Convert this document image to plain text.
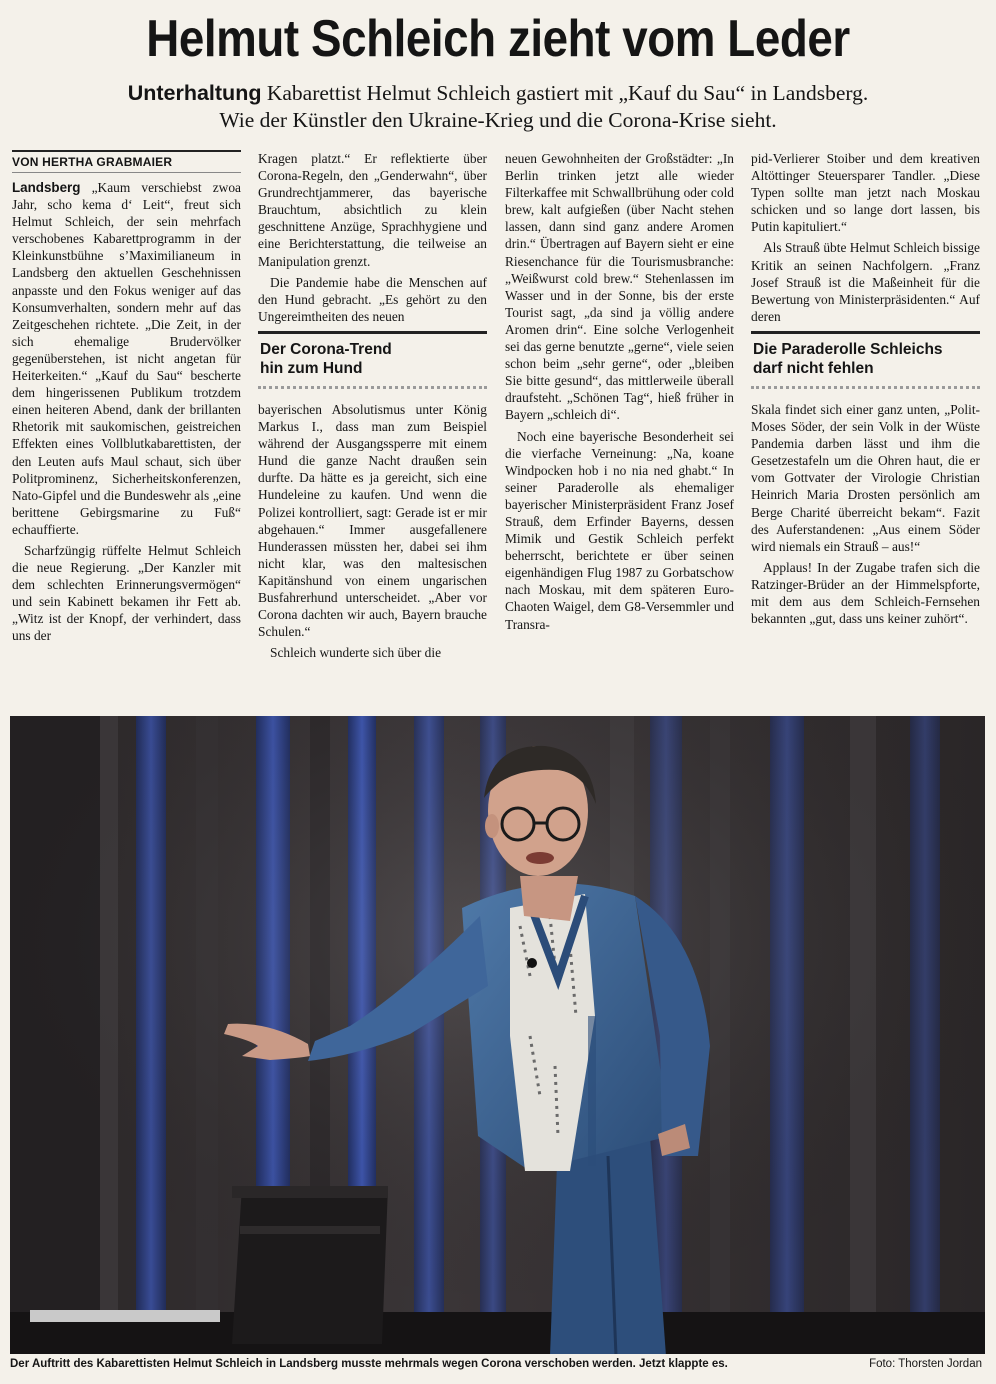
Helmut Schleich zieht vom Leder

Unterhaltung Kabarettist Helmut Schleich gastiert mit „Kauf du Sau“ in Landsberg.
Wie der Künstler den Ukraine-Krieg und die Corona-Krise sieht.

VON HERTHA GRABMAIER

Landsberg „Kaum verschiebst zwoa Jahr, scho kema d‘ Leit“, freut sich Helmut Schleich, der sein mehrfach verschobenes Kabarettprogramm in der Kleinkunstbühne s’Maximilianeum in Landsberg den aktuellen Geschehnissen anpasste und den Fokus weniger auf das Konsumverhalten, sondern mehr auf das Zeitgeschehen richtete. „Die Zeit, in der sich ehemalige Brudervölker gegenüberstehen, ist nicht angetan für Heiterkeiten.“ „Kauf du Sau“ bescherte dem hingerissenen Publikum trotzdem einen heiteren Abend, dank der brillanten Rhetorik mit saukomischen, geistreichen Effekten eines Vollblutkabarettisten, der den Leuten aufs Maul schaut, sich über Politprominenz, Sicherheitskonferenzen, Nato-Gipfel und die Bundeswehr als „eine berittene Gebirgsmarine zu Fuß“ echauffierte.

Scharfzüngig rüffelte Helmut Schleich die neue Regierung. „Der Kanzler mit dem schlechten Erinnerungsvermögen“ und sein Kabinett bekamen ihr Fett ab. „Witz ist der Knopf, der verhindert, dass uns der

Kragen platzt.“ Er reflektierte über Corona-Regeln, den „Genderwahn“, über Grundrechtjammerer, das bayerische Brauchtum, absichtlich zu klein geschnittene Anzüge, Sprachhygiene und eine Berichterstattung, die teilweise an Manipulation grenzt.

Die Pandemie habe die Menschen auf den Hund gebracht. „Es gehört zu den Ungereimtheiten des neuen

Der Corona-Trend
hin zum Hund

bayerischen Absolutismus unter König Markus I., dass man zum Beispiel während der Ausgangssperre mit einem Hund die ganze Nacht draußen sein durfte. Da hätte es ja gereicht, sich eine Hundeleine zu kaufen. Und wenn die Polizei kontrolliert, sagt: Gerade ist er mir abgehauen.“ Immer ausgefallenere Hunderassen müssten her, dabei sei ihm nicht klar, was den maltesischen Kapitänshund von einem ungarischen Busfahrerhund unterscheidet. „Aber vor Corona dachten wir auch, Bayern brauche Schulen.“

Schleich wunderte sich über die

neuen Gewohnheiten der Großstädter: „In Berlin trinken jetzt alle wieder Filterkaffee mit Schwallbrühung oder cold brew, kalt aufgießen (über Nacht stehen lassen, dann sind ganz andere Aromen drin.“ Übertragen auf Bayern sieht er eine Riesenchance für die Tourismusbranche: „Weißwurst cold brew.“ Stehenlassen im Wasser und in der Sonne, bis der erste Tourist sagt, „da sind ja völlig andere Aromen drin“. Eine solche Verlogenheit sei das gerne benutzte „gerne“, viele seien schon beim „sehr gerne“, oder „bleiben Sie bitte gesund“, das mittlerweile überall draufsteht. „Schönen Tag“, hieß früher in Bayern „schleich di“.

Noch eine bayerische Besonderheit sei die vierfache Verneinung: „Na, koane Windpocken hob i no nia ned ghabt.“ In seiner Paraderolle als ehemaliger bayerischer Ministerpräsident Franz Josef Strauß, dem Erfinder Bayerns, dessen Mimik und Gestik Schleich perfekt beherrscht, berichtete er über seinen eigenhändigen Flug 1987 zu Gorbatschow nach Moskau, mit dem späteren Euro-Chaoten Waigel, dem G8-Versemmler und Transra-

pid-Verlierer Stoiber und dem kreativen Altöttinger Steuersparer Tandler. „Diese Typen sollte man jetzt nach Moskau schicken und so lange dort lassen, bis Putin kapituliert.“

Als Strauß übte Helmut Schleich bissige Kritik an seinen Nachfolgern. „Franz Josef Strauß ist die Maßeinheit für die Bewertung von Ministerpräsidenten.“ Auf deren

Die Paraderolle Schleichs
darf nicht fehlen

Skala findet sich einer ganz unten, „Polit-Moses Söder, der sein Volk in der Wüste Pandemia darben lässt und ihm die Gesetzestafeln um die Ohren haut, die er vom Gottvater der Virologie Christian Heinrich Maria Drosten persönlich am Berge Charité überreicht bekam“. Fazit des Auferstandenen: „Aus einem Söder wird niemals ein Strauß – aus!“

Applaus! In der Zugabe trafen sich die Ratzinger-Brüder an der Himmelspforte, mit dem aus dem Schleich-Fernsehen bekannten „gut, dass uns keiner zuhört“.

Der Auftritt des Kabarettisten Helmut Schleich in Landsberg musste mehrmals wegen Corona verschoben werden. Jetzt klappte es.	Foto: Thorsten Jordan
